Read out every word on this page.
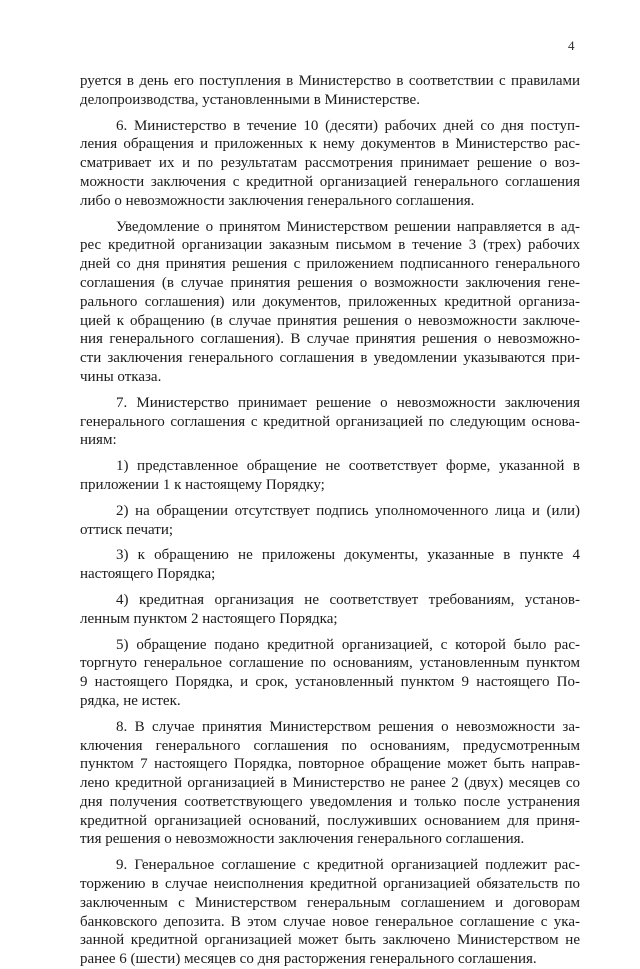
4
руется в день его поступления в Министерство в соответствии с правилами
делопроизводства, установленными в Министерстве.
6. Министерство в течение 10 (десяти) рабочих дней со дня поступ-
ления обращения и приложенных к нему документов в Министерство рас-
сматривает их и по результатам рассмотрения принимает решение о воз-
можности заключения с кредитной организацией генерального соглашения
либо о невозможности заключения генерального соглашения.
Уведомление о принятом Министерством решении направляется в ад-
рес кредитной организации заказным письмом в течение 3 (трех) рабочих
дней со дня принятия решения с приложением подписанного генерального
соглашения (в случае принятия решения о возможности заключения гене-
рального соглашения) или документов, приложенных кредитной организа-
цией к обращению (в случае принятия решения о невозможности заключе-
ния генерального соглашения). В случае принятия решения о невозможно-
сти заключения генерального соглашения в уведомлении указываются при-
чины отказа.
7. Министерство принимает решение о невозможности заключения
генерального соглашения с кредитной организацией по следующим основа-
ниям:
1) представленное обращение не соответствует форме, указанной в
приложении 1 к настоящему Порядку;
2) на обращении отсутствует подпись уполномоченного лица и (или)
оттиск печати;
3) к обращению не приложены документы, указанные в пункте 4
настоящего Порядка;
4) кредитная организация не соответствует требованиям, установ-
ленным пунктом 2 настоящего Порядка;
5) обращение подано кредитной организацией, с которой было рас-
торгнуто генеральное соглашение по основаниям, установленным пунктом
9 настоящего Порядка, и срок, установленный пунктом 9 настоящего По-
рядка, не истек.
8. В случае принятия Министерством решения о невозможности за-
ключения генерального соглашения по основаниям, предусмотренным
пунктом 7 настоящего Порядка, повторное обращение может быть направ-
лено кредитной организацией в Министерство не ранее 2 (двух) месяцев со
дня получения соответствующего уведомления и только после устранения
кредитной организацией оснований, послуживших основанием для приня-
тия решения о невозможности заключения генерального соглашения.
9. Генеральное соглашение с кредитной организацией подлежит рас-
торжению в случае неисполнения кредитной организацией обязательств по
заключенным с Министерством генеральным соглашением и договорам
банковского депозита. В этом случае новое генеральное соглашение с ука-
занной кредитной организацией может быть заключено Министерством не
ранее 6 (шести) месяцев со дня расторжения генерального соглашения.
